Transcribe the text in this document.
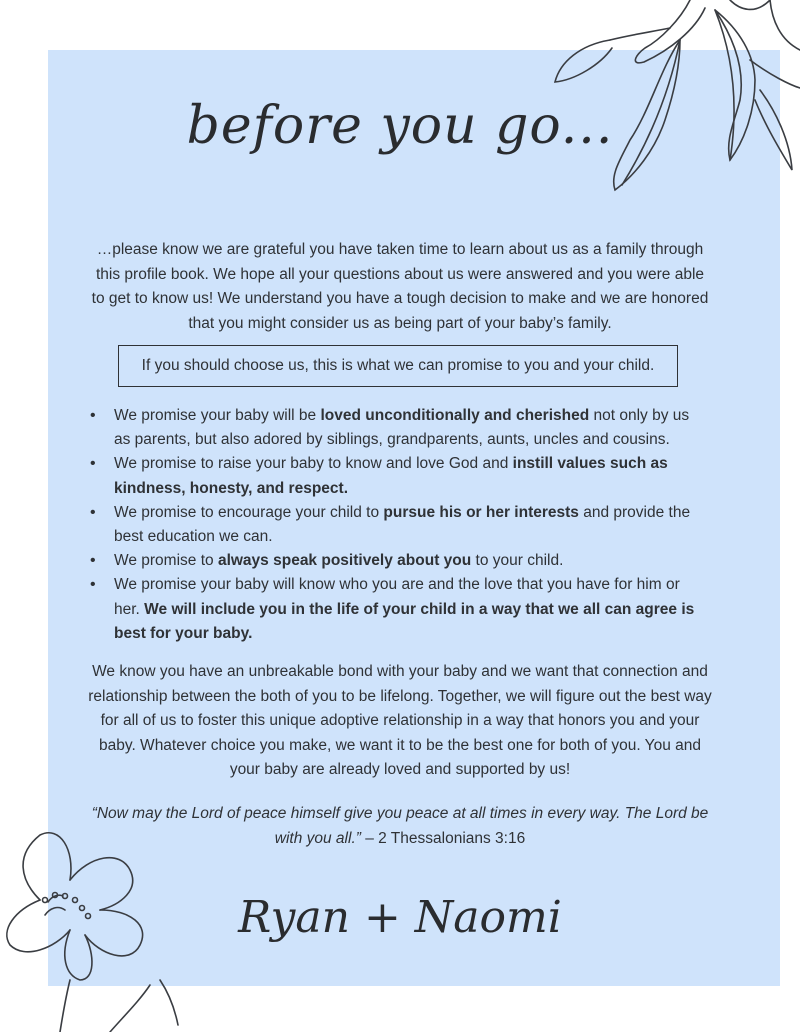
before you go...
…please know we are grateful you have taken time to learn about us as a family through this profile book. We hope all your questions about us were answered and you were able to get to know us! We understand you have a tough decision to make and we are honored that you might consider us as being part of your baby’s family.
If you should choose us, this is what we can promise to you and your child.
• We promise your baby will be loved unconditionally and cherished not only by us as parents, but also adored by siblings, grandparents, aunts, uncles and cousins.
• We promise to raise your baby to know and love God and instill values such as kindness, honesty, and respect.
• We promise to encourage your child to pursue his or her interests and provide the best education we can.
• We promise to always speak positively about you to your child.
• We promise your baby will know who you are and the love that you have for him or her. We will include you in the life of your child in a way that we all can agree is best for your baby.
We know you have an unbreakable bond with your baby and we want that connection and relationship between the both of you to be lifelong. Together, we will figure out the best way for all of us to foster this unique adoptive relationship in a way that honors you and your baby. Whatever choice you make, we want it to be the best one for both of you. You and your baby are already loved and supported by us!
“Now may the Lord of peace himself give you peace at all times in every way. The Lord be with you all.” – 2 Thessalonians 3:16
Ryan + Naomi
